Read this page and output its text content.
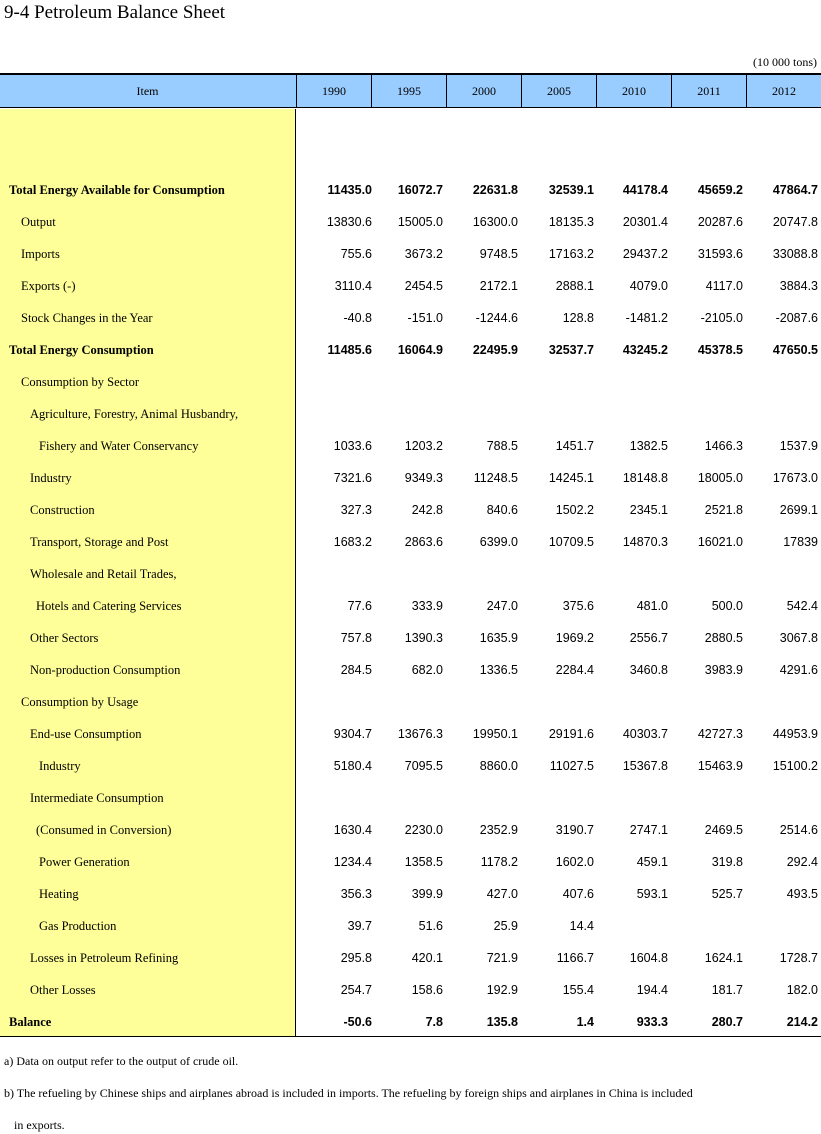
9-4 Petroleum Balance Sheet
(10 000 tons)
Item	1990	1995	2000	2005	2010	2011	2012
Total Energy Available for Consumption	11435.0	16072.7	22631.8	32539.1	44178.4	45659.2	47864.7
Output	13830.6	15005.0	16300.0	18135.3	20301.4	20287.6	20747.8
Imports	755.6	3673.2	9748.5	17163.2	29437.2	31593.6	33088.8
Exports (-)	3110.4	2454.5	2172.1	2888.1	4079.0	4117.0	3884.3
Stock Changes in the Year	-40.8	-151.0	-1244.6	128.8	-1481.2	-2105.0	-2087.6
Total Energy Consumption	11485.6	16064.9	22495.9	32537.7	43245.2	45378.5	47650.5
Consumption by Sector
Agriculture, Forestry, Animal Husbandry,
Fishery and Water Conservancy	1033.6	1203.2	788.5	1451.7	1382.5	1466.3	1537.9
Industry	7321.6	9349.3	11248.5	14245.1	18148.8	18005.0	17673.0
Construction	327.3	242.8	840.6	1502.2	2345.1	2521.8	2699.1
Transport, Storage and Post	1683.2	2863.6	6399.0	10709.5	14870.3	16021.0	17839
Wholesale and Retail Trades,
Hotels and Catering Services	77.6	333.9	247.0	375.6	481.0	500.0	542.4
Other Sectors	757.8	1390.3	1635.9	1969.2	2556.7	2880.5	3067.8
Non-production Consumption	284.5	682.0	1336.5	2284.4	3460.8	3983.9	4291.6
Consumption by Usage
End-use Consumption	9304.7	13676.3	19950.1	29191.6	40303.7	42727.3	44953.9
Industry	5180.4	7095.5	8860.0	11027.5	15367.8	15463.9	15100.2
Intermediate Consumption
(Consumed in Conversion)	1630.4	2230.0	2352.9	3190.7	2747.1	2469.5	2514.6
Power Generation	1234.4	1358.5	1178.2	1602.0	459.1	319.8	292.4
Heating	356.3	399.9	427.0	407.6	593.1	525.7	493.5
Gas Production	39.7	51.6	25.9	14.4
Losses in Petroleum Refining	295.8	420.1	721.9	1166.7	1604.8	1624.1	1728.7
Other Losses	254.7	158.6	192.9	155.4	194.4	181.7	182.0
Balance	-50.6	7.8	135.8	1.4	933.3	280.7	214.2
a) Data on output refer to the output of crude oil.
b) The refueling by Chinese ships and airplanes abroad is included in imports. The refueling by foreign ships and airplanes in China is included
in exports.
